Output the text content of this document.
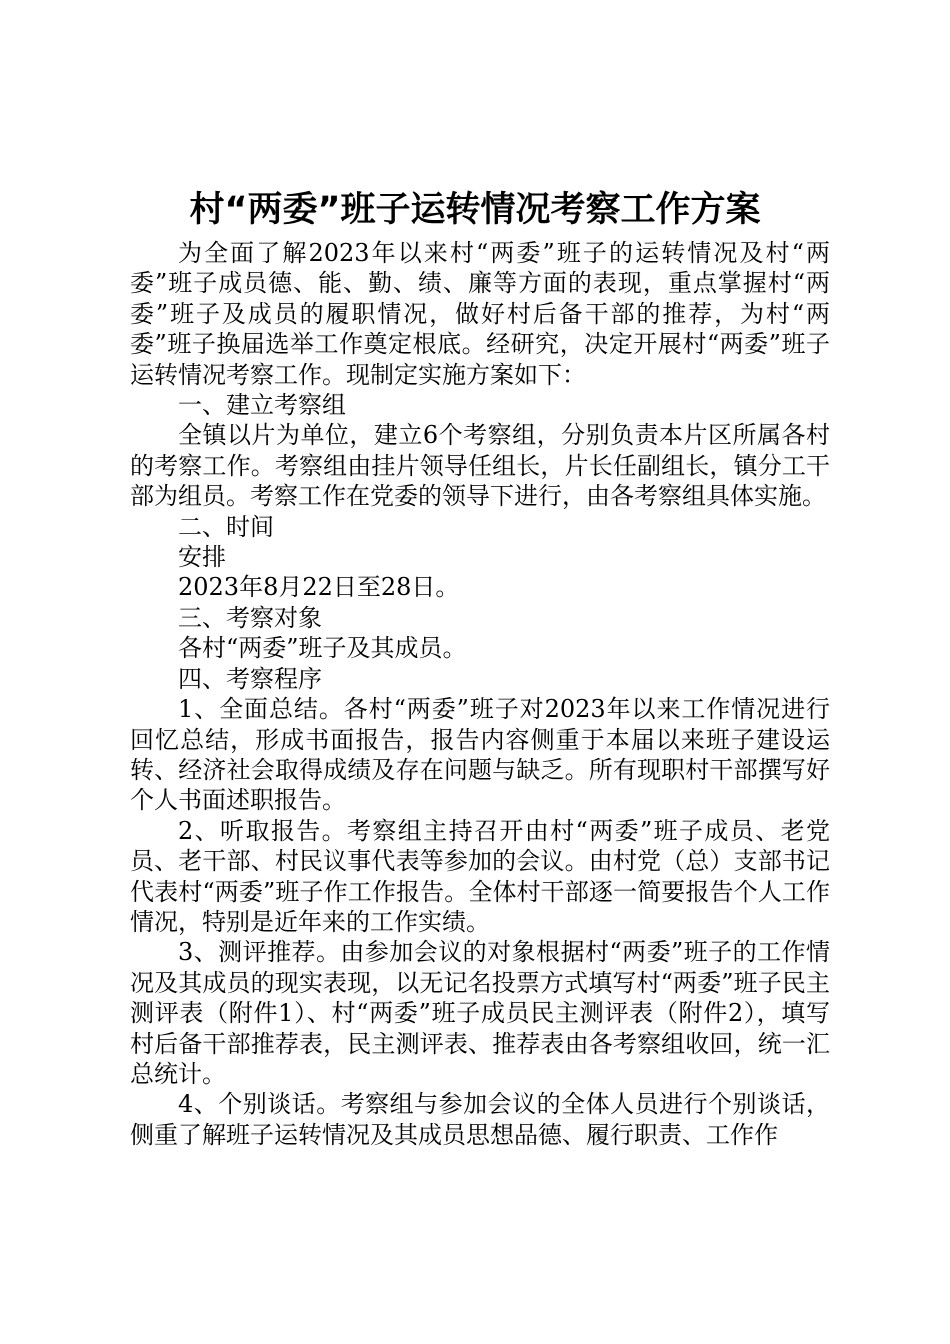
村“两委”班子运转情况考察工作方案

为全面了解2023年以来村“两委”班子的运转情况及村“两委”班子成员德、能、勤、绩、廉等方面的表现，重点掌握村“两委”班子及成员的履职情况，做好村后备干部的推荐，为村“两委”班子换届选举工作奠定根底。经研究，决定开展村“两委”班子运转情况考察工作。现制定实施方案如下：

一、建立考察组

全镇以片为单位，建立6个考察组，分别负责本片区所属各村的考察工作。考察组由挂片领导任组长，片长任副组长，镇分工干部为组员。考察工作在党委的领导下进行，由各考察组具体实施。

二、时间

安排

2023年8月22日至28日。

三、考察对象

各村“两委”班子及其成员。

四、考察程序

1、全面总结。各村“两委”班子对2023年以来工作情况进行回忆总结，形成书面报告，报告内容侧重于本届以来班子建设运转、经济社会取得成绩及存在问题与缺乏。所有现职村干部撰写好个人书面述职报告。

2、听取报告。考察组主持召开由村“两委”班子成员、老党员、老干部、村民议事代表等参加的会议。由村党（总）支部书记代表村“两委”班子作工作报告。全体村干部逐一简要报告个人工作情况，特别是近年来的工作实绩。

3、测评推荐。由参加会议的对象根据村“两委”班子的工作情况及其成员的现实表现，以无记名投票方式填写村“两委”班子民主测评表（附件1）、村“两委”班子成员民主测评表（附件2），填写村后备干部推荐表，民主测评表、推荐表由各考察组收回，统一汇总统计。

4、个别谈话。考察组与参加会议的全体人员进行个别谈话，侧重了解班子运转情况及其成员思想品德、履行职责、工作作
